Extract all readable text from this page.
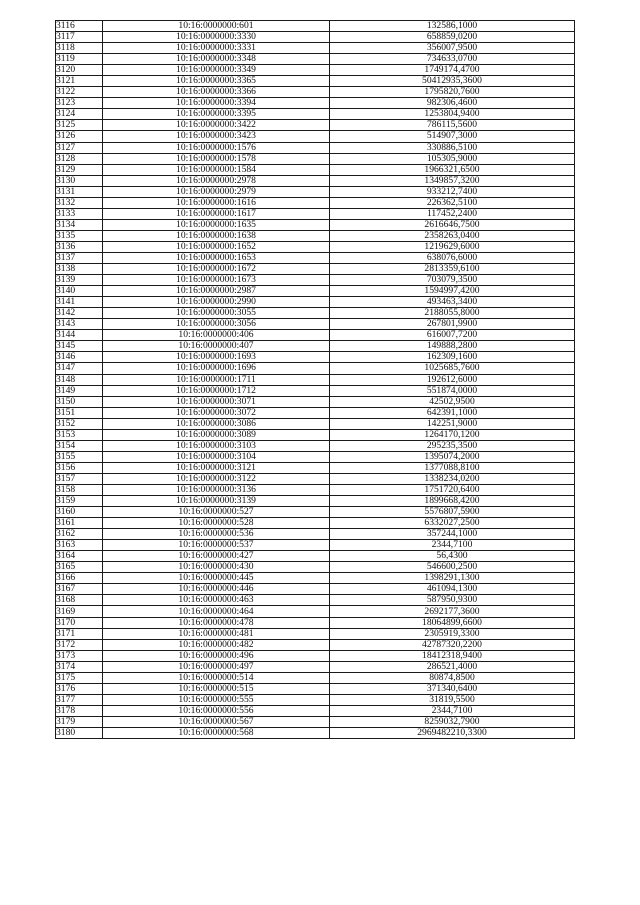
3116	10:16:0000000:601	132586,1000
3117	10:16:0000000:3330	658859,0200
3118	10:16:0000000:3331	356007,9500
3119	10:16:0000000:3348	734633,0700
3120	10:16:0000000:3349	1749174,4700
3121	10:16:0000000:3365	50412935,3600
3122	10:16:0000000:3366	1795820,7600
3123	10:16:0000000:3394	982306,4600
3124	10:16:0000000:3395	1253804,9400
3125	10:16:0000000:3422	786115,5600
3126	10:16:0000000:3423	514907,3000
3127	10:16:0000000:1576	330886,5100
3128	10:16:0000000:1578	105305,9000
3129	10:16:0000000:1584	1966321,6500
3130	10:16:0000000:2978	1349857,3200
3131	10:16:0000000:2979	933212,7400
3132	10:16:0000000:1616	226362,5100
3133	10:16:0000000:1617	117452,2400
3134	10:16:0000000:1635	2616646,7500
3135	10:16:0000000:1638	2358263,0400
3136	10:16:0000000:1652	1219629,6000
3137	10:16:0000000:1653	638076,6000
3138	10:16:0000000:1672	2813359,6100
3139	10:16:0000000:1673	703079,3500
3140	10:16:0000000:2987	1594997,4200
3141	10:16:0000000:2990	493463,3400
3142	10:16:0000000:3055	2188055,8000
3143	10:16:0000000:3056	267801,9900
3144	10:16:0000000:406	616007,7200
3145	10:16:0000000:407	149888,2800
3146	10:16:0000000:1693	162309,1600
3147	10:16:0000000:1696	1025685,7600
3148	10:16:0000000:1711	192612,6000
3149	10:16:0000000:1712	551874,0000
3150	10:16:0000000:3071	42502,9500
3151	10:16:0000000:3072	642391,1000
3152	10:16:0000000:3086	142251,9000
3153	10:16:0000000:3089	1264170,1200
3154	10:16:0000000:3103	295235,3500
3155	10:16:0000000:3104	1395074,2000
3156	10:16:0000000:3121	1377088,8100
3157	10:16:0000000:3122	1338234,0200
3158	10:16:0000000:3136	1751720,6400
3159	10:16:0000000:3139	1899668,4200
3160	10:16:0000000:527	5576807,5900
3161	10:16:0000000:528	6332027,2500
3162	10:16:0000000:536	357244,1000
3163	10:16:0000000:537	2344,7100
3164	10:16:0000000:427	56,4300
3165	10:16:0000000:430	546600,2500
3166	10:16:0000000:445	1398291,1300
3167	10:16:0000000:446	461094,1300
3168	10:16:0000000:463	587950,9300
3169	10:16:0000000:464	2692177,3600
3170	10:16:0000000:478	18064899,6600
3171	10:16:0000000:481	2305919,3300
3172	10:16:0000000:482	42787320,2200
3173	10:16:0000000:496	18412318,9400
3174	10:16:0000000:497	286521,4000
3175	10:16:0000000:514	80874,8500
3176	10:16:0000000:515	371340,6400
3177	10:16:0000000:555	31819,5500
3178	10:16:0000000:556	2344,7100
3179	10:16:0000000:567	8259032,7900
3180	10:16:0000000:568	2969482210,3300
